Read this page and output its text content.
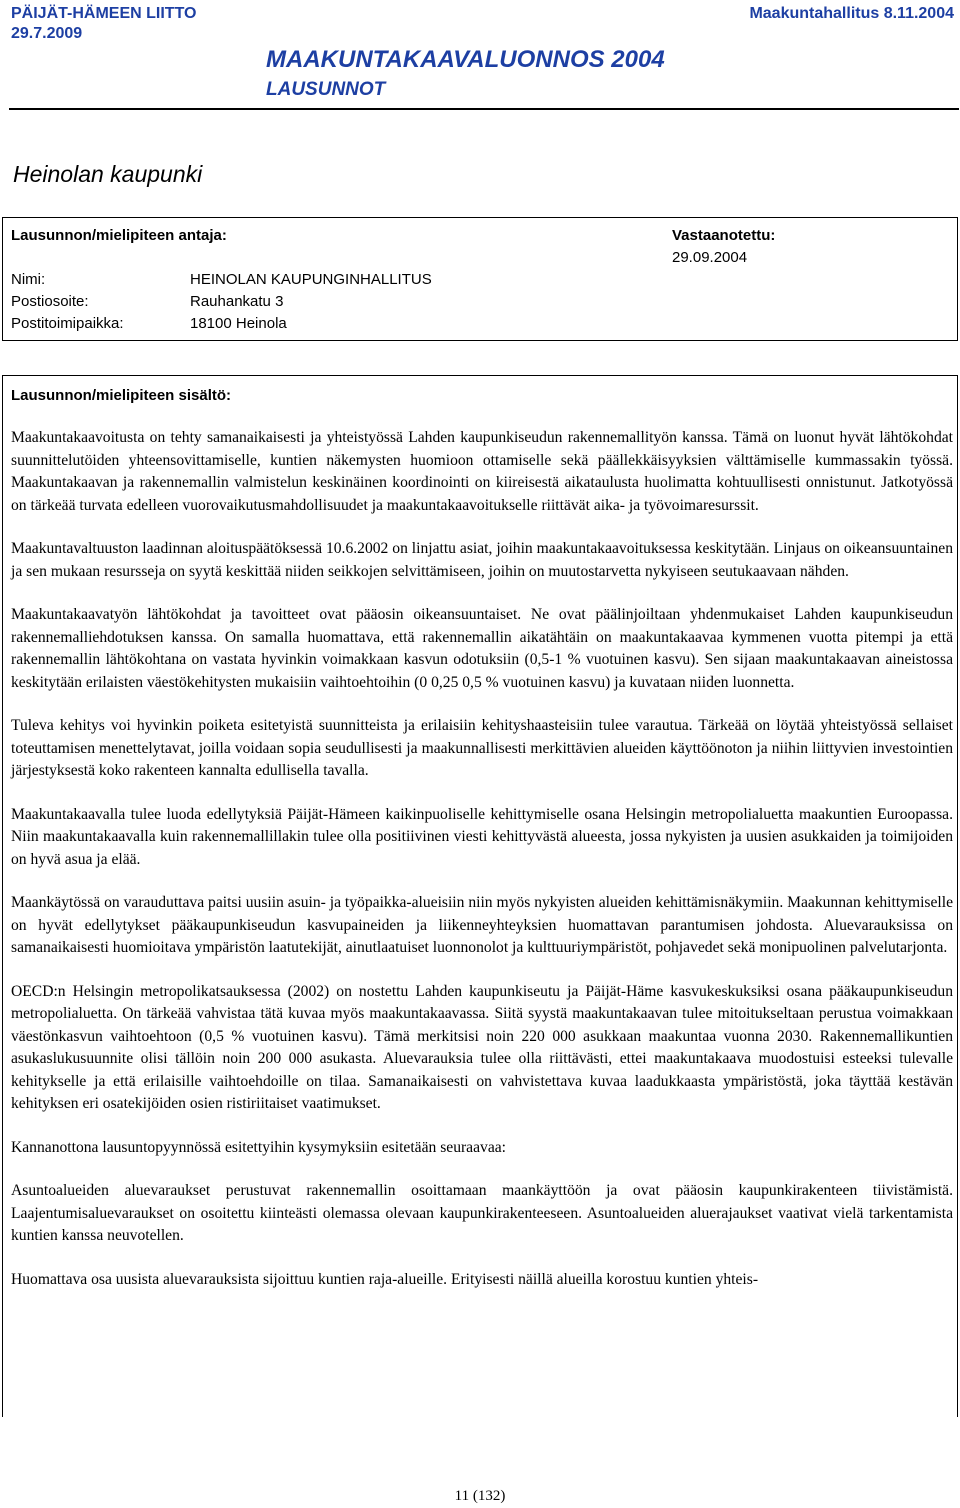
PÄIJÄT-HÄMEEN LIITTO
29.7.2009
Maakuntahallitus 8.11.2004
MAAKUNTAKAAVALUONNOS 2004
LAUSUNNOT
Heinolan kaupunki
Lausunnon/mielipiteen antaja:	Vastaanotettu:
29.09.2004
Nimi:	HEINOLAN KAUPUNGINHALLITUS
Postiosoite:	Rauhankatu 3
Postitoimipaikka:	18100 Heinola
Lausunnon/mielipiteen sisältö:

Maakuntakaavoitusta on tehty samanaikaisesti ja yhteistyössä Lahden kaupunkiseudun rakennemallityön kanssa. Tämä on luonut hyvät lähtökohdat suunnittelutöiden yhteensovittamiselle, kuntien näkemysten huomioon ottamiselle sekä päällekkäisyyksien välttämiselle kummassakin työssä. Maakuntakaavan ja rakennemallin valmistelun keskinäinen koordinointi on kiireisestä aikataulusta huolimatta kohtuullisesti onnistunut. Jatkotyössä on tärkeää turvata edelleen vuorovaikutusmahdollisuudet ja maakuntakaavoitukselle riittävät aika- ja työvoimaresurssit.

Maakuntavaltuuston laadinnan aloituspäätöksessä 10.6.2002 on linjattu asiat, joihin maakuntakaavoituksessa keskitytään. Linjaus on oikeansuuntainen ja sen mukaan resursseja on syytä keskittää niiden seikkojen selvittämiseen, joihin on muutostarvetta nykyiseen seutukaavaan nähden.

Maakuntakaavatyön lähtökohdat ja tavoitteet ovat pääosin oikeansuuntaiset. Ne ovat päälinjoiltaan yhdenmukaiset Lahden kaupunkiseudun rakennemalliehdotuksen kanssa. On samalla huomattava, että rakennemallin aikatähtäin on maakuntakaavaa kymmenen vuotta pitempi ja että rakennemallin lähtökohtana on vastata hyvinkin voimakkaan kasvun odotuksiin (0,5-1 % vuotuinen kasvu). Sen sijaan maakuntakaavan aineistossa keskitytään erilaisten väestökehitysten mukaisiin vaihtoehtoihin (0 0,25 0,5 % vuotuinen kasvu) ja kuvataan niiden luonnetta.

Tuleva kehitys voi hyvinkin poiketa esitetyistä suunnitteista ja erilaisiin kehityshaasteisiin tulee varautua. Tärkeää on löytää yhteistyössä sellaiset toteuttamisen menettelytavat, joilla voidaan sopia seudullisesti ja maakunnallisesti merkittävien alueiden käyttöönoton ja niihin liittyvien investointien järjestyksestä koko rakenteen kannalta edullisella tavalla.

Maakuntakaavalla tulee luoda edellytyksiä Päijät-Hämeen kaikinpuoliselle kehittymiselle osana Helsingin metropolialuetta maakuntien Euroopassa. Niin maakuntakaavalla kuin rakennemallillakin tulee olla positiivinen viesti kehittyvästä alueesta, jossa nykyisten ja uusien asukkaiden ja toimijoiden on hyvä asua ja elää.

Maankäytössä on varauduttava paitsi uusiin asuin- ja työpaikka-alueisiin niin myös nykyisten alueiden kehittämisnäkymiin. Maakunnan kehittymiselle on hyvät edellytykset pääkaupunkiseudun kasvupaineiden ja liikenneyhteyksien huomattavan parantumisen johdosta. Aluevarauksissa on samanaikaisesti huomioitava ympäristön laatutekijät, ainutlaatuiset luonnonolot ja kulttuuriympäristöt, pohjavedet sekä monipuolinen palvelutarjonta.

OECD:n Helsingin metropolikatsauksessa (2002) on nostettu Lahden kaupunkiseutu ja Päijät-Häme kasvukeskuksiksi osana pääkaupunkiseudun metropolialuetta. On tärkeää vahvistaa tätä kuvaa myös maakuntakaavassa. Siitä syystä maakuntakaavan tulee mitoitukseltaan perustua voimakkaan väestönkasvun vaihtoehtoon (0,5 % vuotuinen kasvu). Tämä merkitsisi noin 220 000 asukkaan maakuntaa vuonna 2030. Rakennemallikuntien asukaslukusuunnite olisi tällöin noin 200 000 asukasta. Aluevarauksia tulee olla riittävästi, ettei maakuntakaava muodostuisi esteeksi tulevalle kehitykselle ja että erilaisille vaihtoehdoille on tilaa. Samanaikaisesti on vahvistettava kuvaa laadukkaasta ympäristöstä, joka täyttää kestävän kehityksen eri osatekijöiden osien ristiriitaiset vaatimukset.

Kannanottona lausuntopyynnössä esitettyihin kysymyksiin esitetään seuraavaa:

Asuntoalueiden aluevaraukset perustuvat rakennemallin osoittamaan maankäyttöön ja ovat pääosin kaupunkirakenteen tiivistämistä. Laajentumisaluevaraukset on osoitettu kiinteästi olemassa olevaan kaupunkirakenteeseen. Asuntoalueiden aluerajaukset vaativat vielä tarkentamista kuntien kanssa neuvotellen.

Huomattava osa uusista aluevarauksista sijoittuu kuntien raja-alueille. Erityisesti näillä alueilla korostuu kuntien yhteis-

11 (132)
